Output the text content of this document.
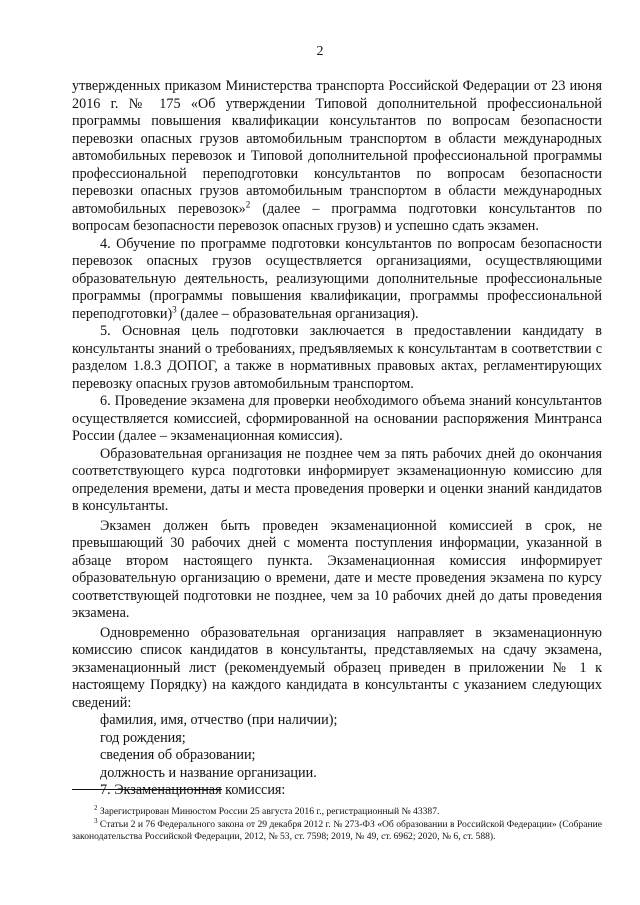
2

утвержденных приказом Министерства транспорта Российской Федерации от 23 июня 2016 г. № 175 «Об утверждении Типовой дополнительной профессиональной программы повышения квалификации консультантов по вопросам безопасности перевозки опасных грузов автомобильным транспортом в области международных автомобильных перевозок и Типовой дополнительной профессиональной программы профессиональной переподготовки консультантов по вопросам безопасности перевозки опасных грузов автомобильным транспортом в области международных автомобильных перевозок»$^2$ (далее – программа подготовки консультантов по вопросам безопасности перевозок опасных грузов) и успешно сдать экзамен.

4. Обучение по программе подготовки консультантов по вопросам безопасности перевозок опасных грузов осуществляется организациями, осуществляющими образовательную деятельность, реализующими дополнительные профессиональные программы (программы повышения квалификации, программы профессиональной переподготовки)$^3$ (далее – образовательная организация).

5. Основная цель подготовки заключается в предоставлении кандидату в консультанты знаний о требованиях, предъявляемых к консультантам в соответствии с разделом 1.8.3 ДОПОГ, а также в нормативных правовых актах, регламентирующих перевозку опасных грузов автомобильным транспортом.

6. Проведение экзамена для проверки необходимого объема знаний консультантов осуществляется комиссией, сформированной на основании распоряжения Минтранса России (далее – экзаменационная комиссия).

Образовательная организация не позднее чем за пять рабочих дней до окончания соответствующего курса подготовки информирует экзаменационную комиссию для определения времени, даты и места проведения проверки и оценки знаний кандидатов в консультанты.

Экзамен должен быть проведен экзаменационной комиссией в срок, не превышающий 30 рабочих дней с момента поступления информации, указанной в абзаце втором настоящего пункта. Экзаменационная комиссия информирует образовательную организацию о времени, дате и месте проведения экзамена по курсу соответствующей подготовки не позднее, чем за 10 рабочих дней до даты проведения экзамена.

Одновременно образовательная организация направляет в экзаменационную комиссию список кандидатов в консультанты, представляемых на сдачу экзамена, экзаменационный лист (рекомендуемый образец приведен в приложении № 1 к настоящему Порядку) на каждого кандидата в консультанты с указанием следующих сведений:

фамилия, имя, отчество (при наличии);

год рождения;

сведения об образовании;

должность и название организации.

7. Экзаменационная комиссия:

$^2$ Зарегистрирован Минюстом России 25 августа 2016 г., регистрационный № 43387.

$^3$ Статьи 2 и 76 Федерального закона от 29 декабря 2012 г. № 273-ФЗ «Об образовании в Российской Федерации» (Собрание законодательства Российской Федерации, 2012, № 53, ст. 7598; 2019, № 49, ст. 6962; 2020, № 6, ст. 588).
